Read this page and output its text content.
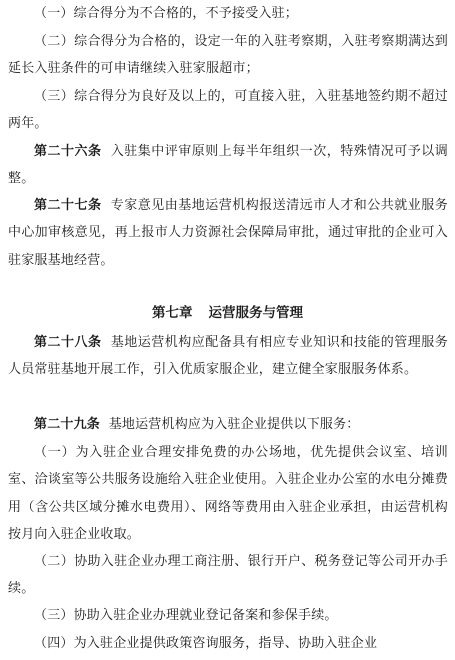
（一）综合得分为不合格的，不予接受入驻；

（二）综合得分为合格的，设定一年的入驻考察期，入驻考察期满达到延长入驻条件的可申请继续入驻家服超市；

（三）综合得分为良好及以上的，可直接入驻，入驻基地签约期不超过两年。

第二十六条 入驻集中评审原则上每半年组织一次，特殊情况可予以调整。

第二十七条 专家意见由基地运营机构报送清远市人才和公共就业服务中心加审核意见，再上报市人力资源社会保障局审批，通过审批的企业可入驻家服基地经营。

第七章 运营服务与管理

第二十八条 基地运营机构应配备具有相应专业知识和技能的管理服务人员常驻基地开展工作，引入优质家服企业，建立健全家服服务体系。

第二十九条 基地运营机构应为入驻企业提供以下服务：

（一）为入驻企业合理安排免费的办公场地，优先提供会议室、培训室、洽谈室等公共服务设施给入驻企业使用。入驻企业办公室的水电分摊费用（含公共区域分摊水电费用）、网络等费用由入驻企业承担，由运营机构按月向入驻企业收取。

（二）协助入驻企业办理工商注册、银行开户、税务登记等公司开办手续。

（三）协助入驻企业办理就业登记备案和参保手续。

（四）为入驻企业提供政策咨询服务，指导、协助入驻企业
